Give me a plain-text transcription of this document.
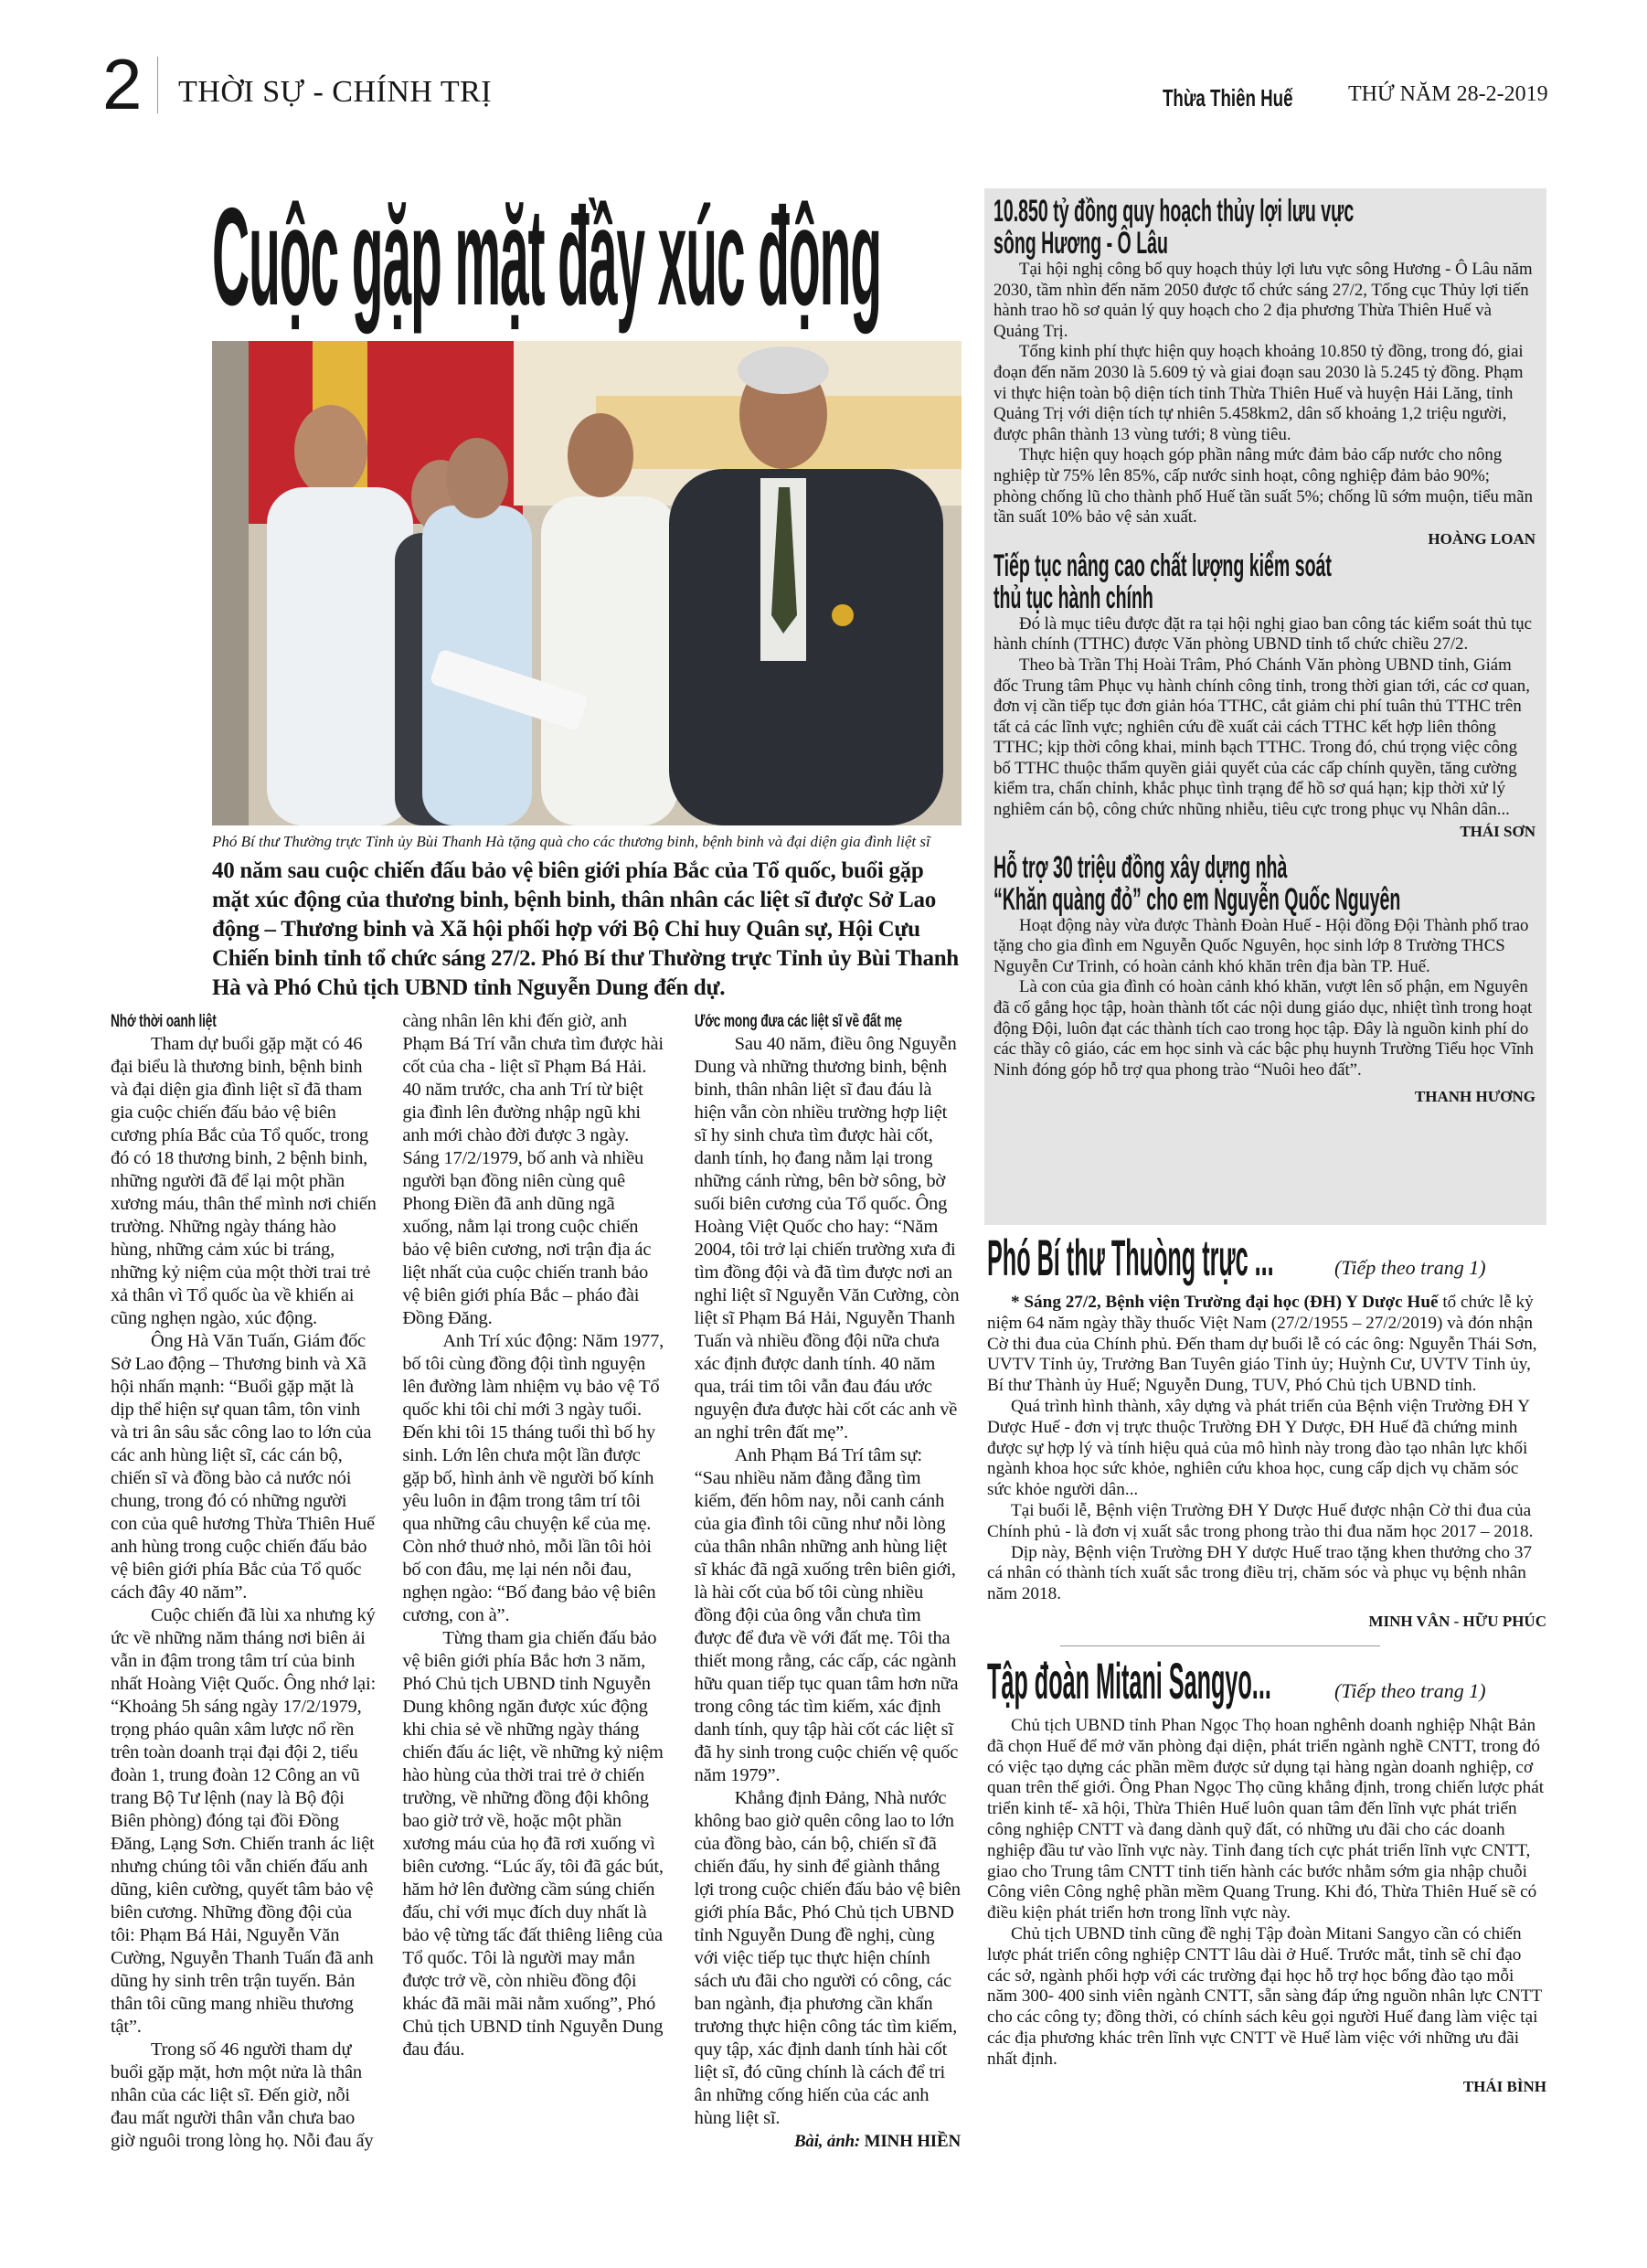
2 THỜI SỰ - CHÍNH TRỊ	Thừa Thiên Huế	THỨ NĂM 28-2-2019
Cuộc gặp mặt đầy xúc động
Phó Bí thư Thường trực Tỉnh ủy Bùi Thanh Hà tặng quà cho các thương binh, bệnh binh và đại diện gia đình liệt sĩ
40 năm sau cuộc chiến đấu bảo vệ biên giới phía Bắc của Tổ quốc, buổi gặp mặt xúc động của thương binh, bệnh binh, thân nhân các liệt sĩ được Sở Lao động – Thương binh và Xã hội phối hợp với Bộ Chỉ huy Quân sự, Hội Cựu Chiến binh tỉnh tổ chức sáng 27/2. Phó Bí thư Thường trực Tỉnh ủy Bùi Thanh Hà và Phó Chủ tịch UBND tỉnh Nguyễn Dung đến dự.
Nhớ thời oanh liệt

Tham dự buổi gặp mặt có 46 đại biểu là thương binh, bệnh binh và đại diện gia đình liệt sĩ đã tham gia cuộc chiến đấu bảo vệ biên cương phía Bắc của Tổ quốc, trong đó có 18 thương binh, 2 bệnh binh, những người đã để lại một phần xương máu, thân thể mình nơi chiến trường. Những ngày tháng hào hùng, những cảm xúc bi tráng, những kỷ niệm của một thời trai trẻ xả thân vì Tổ quốc ùa về khiến ai cũng nghẹn ngào, xúc động.

Ông Hà Văn Tuấn, Giám đốc Sở Lao động – Thương binh và Xã hội nhấn mạnh: “Buổi gặp mặt là dịp thể hiện sự quan tâm, tôn vinh và tri ân sâu sắc công lao to lớn của các anh hùng liệt sĩ, các cán bộ, chiến sĩ và đồng bào cả nước nói chung, trong đó có những người con của quê hương Thừa Thiên Huế anh hùng trong cuộc chiến đấu bảo vệ biên giới phía Bắc của Tổ quốc cách đây 40 năm”.

Cuộc chiến đã lùi xa nhưng ký ức về những năm tháng nơi biên ải vẫn in đậm trong tâm trí của binh nhất Hoàng Việt Quốc. Ông nhớ lại: “Khoảng 5h sáng ngày 17/2/1979, trọng pháo quân xâm lược nổ rền trên toàn doanh trại đại đội 2, tiểu đoàn 1, trung đoàn 12 Công an vũ trang Bộ Tư lệnh (nay là Bộ đội Biên phòng) đóng tại đồi Đồng Đăng, Lạng Sơn. Chiến tranh ác liệt nhưng chúng tôi vẫn chiến đấu anh dũng, kiên cường, quyết tâm bảo vệ biên cương. Những đồng đội của tôi: Phạm Bá Hải, Nguyễn Văn Cường, Nguyễn Thanh Tuấn đã anh dũng hy sinh trên trận tuyến. Bản thân tôi cũng mang nhiều thương tật”.

Trong số 46 người tham dự buổi gặp mặt, hơn một nửa là thân nhân của các liệt sĩ. Đến giờ, nỗi đau mất người thân vẫn chưa bao giờ nguôi trong lòng họ. Nỗi đau ấy càng nhân lên khi đến giờ, anh Phạm Bá Trí vẫn chưa tìm được hài cốt của cha - liệt sĩ Phạm Bá Hải. 40 năm trước, cha anh Trí từ biệt gia đình lên đường nhập ngũ khi anh mới chào đời được 3 ngày. Sáng 17/2/1979, bố anh và nhiều người bạn đồng niên cùng quê Phong Điền đã anh dũng ngã xuống, nằm lại trong cuộc chiến bảo vệ biên cương, nơi trận địa ác liệt nhất của cuộc chiến tranh bảo vệ biên giới phía Bắc – pháo đài Đồng Đăng.

Anh Trí xúc động: Năm 1977, bố tôi cùng đồng đội tình nguyện lên đường làm nhiệm vụ bảo vệ Tổ quốc khi tôi chỉ mới 3 ngày tuổi. Đến khi tôi 15 tháng tuổi thì bố hy sinh. Lớn lên chưa một lần được gặp bố, hình ảnh về người bố kính yêu luôn in đậm trong tâm trí tôi qua những câu chuyện kể của mẹ. Còn nhớ thuở nhỏ, mỗi lần tôi hỏi bố con đâu, mẹ lại nén nỗi đau, nghẹn ngào: “Bố đang bảo vệ biên cương, con à”.

Từng tham gia chiến đấu bảo vệ biên giới phía Bắc hơn 3 năm, Phó Chủ tịch UBND tỉnh Nguyễn Dung không ngăn được xúc động khi chia sẻ về những ngày tháng chiến đấu ác liệt, về những kỷ niệm hào hùng của thời trai trẻ ở chiến trường, về những đồng đội không bao giờ trở về, hoặc một phần xương máu của họ đã rơi xuống vì biên cương. “Lúc ấy, tôi đã gác bút, hăm hở lên đường cầm súng chiến đấu, chỉ với mục đích duy nhất là bảo vệ từng tấc đất thiêng liêng của Tổ quốc. Tôi là người may mắn được trở về, còn nhiều đồng đội khác đã mãi mãi nằm xuống”, Phó Chủ tịch UBND tỉnh Nguyễn Dung đau đáu.

Ước mong đưa các liệt sĩ về đất mẹ

Sau 40 năm, điều ông Nguyễn Dung và những thương binh, bệnh binh, thân nhân liệt sĩ đau đáu là hiện vẫn còn nhiều trường hợp liệt sĩ hy sinh chưa tìm được hài cốt, danh tính, họ đang nằm lại trong những cánh rừng, bên bờ sông, bờ suối biên cương của Tổ quốc. Ông Hoàng Việt Quốc cho hay: “Năm 2004, tôi trở lại chiến trường xưa đi tìm đồng đội và đã tìm được nơi an nghỉ liệt sĩ Nguyễn Văn Cường, còn liệt sĩ Phạm Bá Hải, Nguyễn Thanh Tuấn và nhiều đồng đội nữa chưa xác định được danh tính. 40 năm qua, trái tim tôi vẫn đau đáu ước nguyện đưa được hài cốt các anh về an nghỉ trên đất mẹ”.

Anh Phạm Bá Trí tâm sự: “Sau nhiều năm đằng đẵng tìm kiếm, đến hôm nay, nỗi canh cánh của gia đình tôi cũng như nỗi lòng của thân nhân những anh hùng liệt sĩ khác đã ngã xuống trên biên giới, là hài cốt của bố tôi cùng nhiều đồng đội của ông vẫn chưa tìm được để đưa về với đất mẹ. Tôi tha thiết mong rằng, các cấp, các ngành hữu quan tiếp tục quan tâm hơn nữa trong công tác tìm kiếm, xác định danh tính, quy tập hài cốt các liệt sĩ đã hy sinh trong cuộc chiến vệ quốc năm 1979”.

Khẳng định Đảng, Nhà nước không bao giờ quên công lao to lớn của đồng bào, cán bộ, chiến sĩ đã chiến đấu, hy sinh để giành thắng lợi trong cuộc chiến đấu bảo vệ biên giới phía Bắc, Phó Chủ tịch UBND tỉnh Nguyễn Dung đề nghị, cùng với việc tiếp tục thực hiện chính sách ưu đãi cho người có công, các ban ngành, địa phương cần khẩn trương thực hiện công tác tìm kiếm, quy tập, xác định danh tính hài cốt liệt sĩ, đó cũng chính là cách để tri ân những cống hiến của các anh hùng liệt sĩ.

Bài, ảnh: MINH HIỀN
10.850 tỷ đồng quy hoạch thủy lợi lưu vực
sông Hương - Ô Lâu

Tại hội nghị công bố quy hoạch thủy lợi lưu vực sông Hương - Ô Lâu năm 2030, tầm nhìn đến năm 2050 được tổ chức sáng 27/2, Tổng cục Thủy lợi tiến hành trao hồ sơ quản lý quy hoạch cho 2 địa phương Thừa Thiên Huế và Quảng Trị.

Tổng kinh phí thực hiện quy hoạch khoảng 10.850 tỷ đồng, trong đó, giai đoạn đến năm 2030 là 5.609 tỷ và giai đoạn sau 2030 là 5.245 tỷ đồng. Phạm vi thực hiện toàn bộ diện tích tỉnh Thừa Thiên Huế và huyện Hải Lăng, tỉnh Quảng Trị với diện tích tự nhiên 5.458km2, dân số khoảng 1,2 triệu người, được phân thành 13 vùng tưới; 8 vùng tiêu.

Thực hiện quy hoạch góp phần nâng mức đảm bảo cấp nước cho nông nghiệp từ 75% lên 85%, cấp nước sinh hoạt, công nghiệp đảm bảo 90%; phòng chống lũ cho thành phố Huế tần suất 5%; chống lũ sớm muộn, tiểu mãn tần suất 10% bảo vệ sản xuất.

HOÀNG LOAN
Tiếp tục nâng cao chất lượng kiểm soát
thủ tục hành chính

Đó là mục tiêu được đặt ra tại hội nghị giao ban công tác kiểm soát thủ tục hành chính (TTHC) được Văn phòng UBND tỉnh tổ chức chiều 27/2.

Theo bà Trần Thị Hoài Trâm, Phó Chánh Văn phòng UBND tỉnh, Giám đốc Trung tâm Phục vụ hành chính công tỉnh, trong thời gian tới, các cơ quan, đơn vị cần tiếp tục đơn giản hóa TTHC, cắt giảm chi phí tuân thủ TTHC trên tất cả các lĩnh vực; nghiên cứu đề xuất cải cách TTHC kết hợp liên thông TTHC; kịp thời công khai, minh bạch TTHC. Trong đó, chú trọng việc công bố TTHC thuộc thẩm quyền giải quyết của các cấp chính quyền, tăng cường kiểm tra, chấn chỉnh, khắc phục tình trạng để hồ sơ quá hạn; kịp thời xử lý nghiêm cán bộ, công chức nhũng nhiễu, tiêu cực trong phục vụ Nhân dân...

THÁI SƠN
Hỗ trợ 30 triệu đồng xây dựng nhà
“Khăn quàng đỏ” cho em Nguyễn Quốc Nguyên

Hoạt động này vừa được Thành Đoàn Huế - Hội đồng Đội Thành phố trao tặng cho gia đình em Nguyễn Quốc Nguyên, học sinh lớp 8 Trường THCS Nguyễn Cư Trinh, có hoàn cảnh khó khăn trên địa bàn TP. Huế.

Là con của gia đình có hoàn cảnh khó khăn, vượt lên số phận, em Nguyên đã cố gắng học tập, hoàn thành tốt các nội dung giáo dục, nhiệt tình trong hoạt động Đội, luôn đạt các thành tích cao trong học tập. Đây là nguồn kinh phí do các thầy cô giáo, các em học sinh và các bậc phụ huynh Trường Tiểu học Vĩnh Ninh đóng góp hỗ trợ qua phong trào “Nuôi heo đất”.

THANH HƯƠNG
Phó Bí thư Thuòng trực ...	(Tiếp theo trang 1)

* Sáng 27/2, Bệnh viện Trường đại học (ĐH) Y Dược Huế tổ chức lễ kỷ niệm 64 năm ngày thầy thuốc Việt Nam (27/2/1955 – 27/2/2019) và đón nhận Cờ thi đua của Chính phủ. Đến tham dự buổi lễ có các ông: Nguyễn Thái Sơn, UVTV Tỉnh ủy, Trưởng Ban Tuyên giáo Tỉnh ủy; Huỳnh Cư, UVTV Tỉnh ủy, Bí thư Thành ủy Huế; Nguyễn Dung, TUV, Phó Chủ tịch UBND tỉnh.

Quá trình hình thành, xây dựng và phát triển của Bệnh viện Trường ĐH Y Dược Huế - đơn vị trực thuộc Trường ĐH Y Dược, ĐH Huế đã chứng minh được sự hợp lý và tính hiệu quả của mô hình này trong đào tạo nhân lực khối ngành khoa học sức khỏe, nghiên cứu khoa học, cung cấp dịch vụ chăm sóc sức khỏe người dân...

Tại buổi lễ, Bệnh viện Trường ĐH Y Dược Huế được nhận Cờ thi đua của Chính phủ - là đơn vị xuất sắc trong phong trào thi đua năm học 2017 – 2018.

Dịp này, Bệnh viện Trường ĐH Y dược Huế trao tặng khen thưởng cho 37 cá nhân có thành tích xuất sắc trong điều trị, chăm sóc và phục vụ bệnh nhân năm 2018.

MINH VÂN - HỮU PHÚC
Tập đoàn Mitani Sangyo...	(Tiếp theo trang 1)

Chủ tịch UBND tỉnh Phan Ngọc Thọ hoan nghênh doanh nghiệp Nhật Bản đã chọn Huế để mở văn phòng đại diện, phát triển ngành nghề CNTT, trong đó có việc tạo dựng các phần mềm được sử dụng tại hàng ngàn doanh nghiệp, cơ quan trên thế giới. Ông Phan Ngọc Thọ cũng khẳng định, trong chiến lược phát triển kinh tế- xã hội, Thừa Thiên Huế luôn quan tâm đến lĩnh vực phát triển công nghiệp CNTT và đang dành quỹ đất, có những ưu đãi cho các doanh nghiệp đầu tư vào lĩnh vực này. Tỉnh đang tích cực phát triển lĩnh vực CNTT, giao cho Trung tâm CNTT tỉnh tiến hành các bước nhằm sớm gia nhập chuỗi Công viên Công nghệ phần mềm Quang Trung. Khi đó, Thừa Thiên Huế sẽ có điều kiện phát triển hơn trong lĩnh vực này.

Chủ tịch UBND tỉnh cũng đề nghị Tập đoàn Mitani Sangyo cần có chiến lược phát triển công nghiệp CNTT lâu dài ở Huế. Trước mắt, tỉnh sẽ chỉ đạo các sở, ngành phối hợp với các trường đại học hỗ trợ học bổng đào tạo mỗi năm 300- 400 sinh viên ngành CNTT, sẵn sàng đáp ứng nguồn nhân lực CNTT cho các công ty; đồng thời, có chính sách kêu gọi người Huế đang làm việc tại các địa phương khác trên lĩnh vực CNTT về Huế làm việc với những ưu đãi nhất định.

THÁI BÌNH
